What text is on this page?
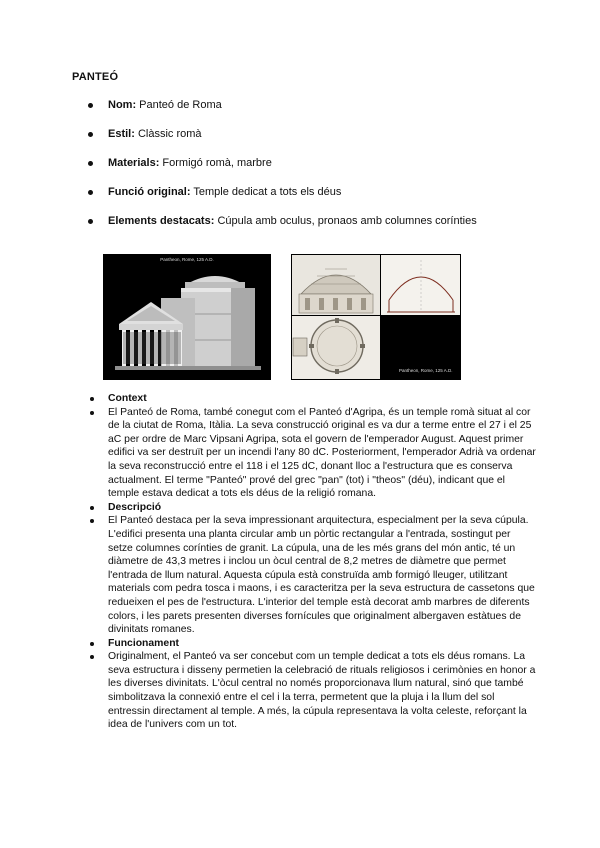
PANTEÓ
Nom: Panteó de Roma
Estil: Clàssic romà
Materials: Formigó romà, marbre
Funció original: Temple dedicat a tots els déus
Elements destacats: Cúpula amb oculus, pronaos amb columnes corínties
Pantheon, Rome, 125 A.D.
Pantheon, Rome, 125 A.D.
Context
El Panteó de Roma, també conegut com el Panteó d'Agripa, és un temple romà situat al cor de la ciutat de Roma, Itàlia. La seva construcció original es va dur a terme entre el 27 i el 25 aC per ordre de Marc Vipsani Agripa, sota el govern de l'emperador August. Aquest primer edifici va ser destruït per un incendi l'any 80 dC. Posteriorment, l'emperador Adrià va ordenar la seva reconstrucció entre el 118 i el 125 dC, donant lloc a l'estructura que es conserva actualment. El terme "Panteó" prové del grec "pan" (tot) i "theos" (déu), indicant que el temple estava dedicat a tots els déus de la religió romana.
Descripció
El Panteó destaca per la seva impressionant arquitectura, especialment per la seva cúpula. L'edifici presenta una planta circular amb un pòrtic rectangular a l'entrada, sostingut per setze columnes corínties de granit. La cúpula, una de les més grans del món antic, té un diàmetre de 43,3 metres i inclou un òcul central de 8,2 metres de diàmetre que permet l'entrada de llum natural. Aquesta cúpula està construïda amb formigó lleuger, utilitzant materials com pedra tosca i maons, i es caracteritza per la seva estructura de cassetons que redueixen el pes de l'estructura. L'interior del temple està decorat amb marbres de diferents colors, i les parets presenten diverses fornícules que originalment albergaven estàtues de divinitats romanes.
Funcionament
Originalment, el Panteó va ser concebut com un temple dedicat a tots els déus romans. La seva estructura i disseny permetien la celebració de rituals religiosos i cerimònies en honor a les diverses divinitats. L'òcul central no només proporcionava llum natural, sinó que també simbolitzava la connexió entre el cel i la terra, permetent que la pluja i la llum del sol entressin directament al temple. A més, la cúpula representava la volta celeste, reforçant la idea de l'univers com un tot.
